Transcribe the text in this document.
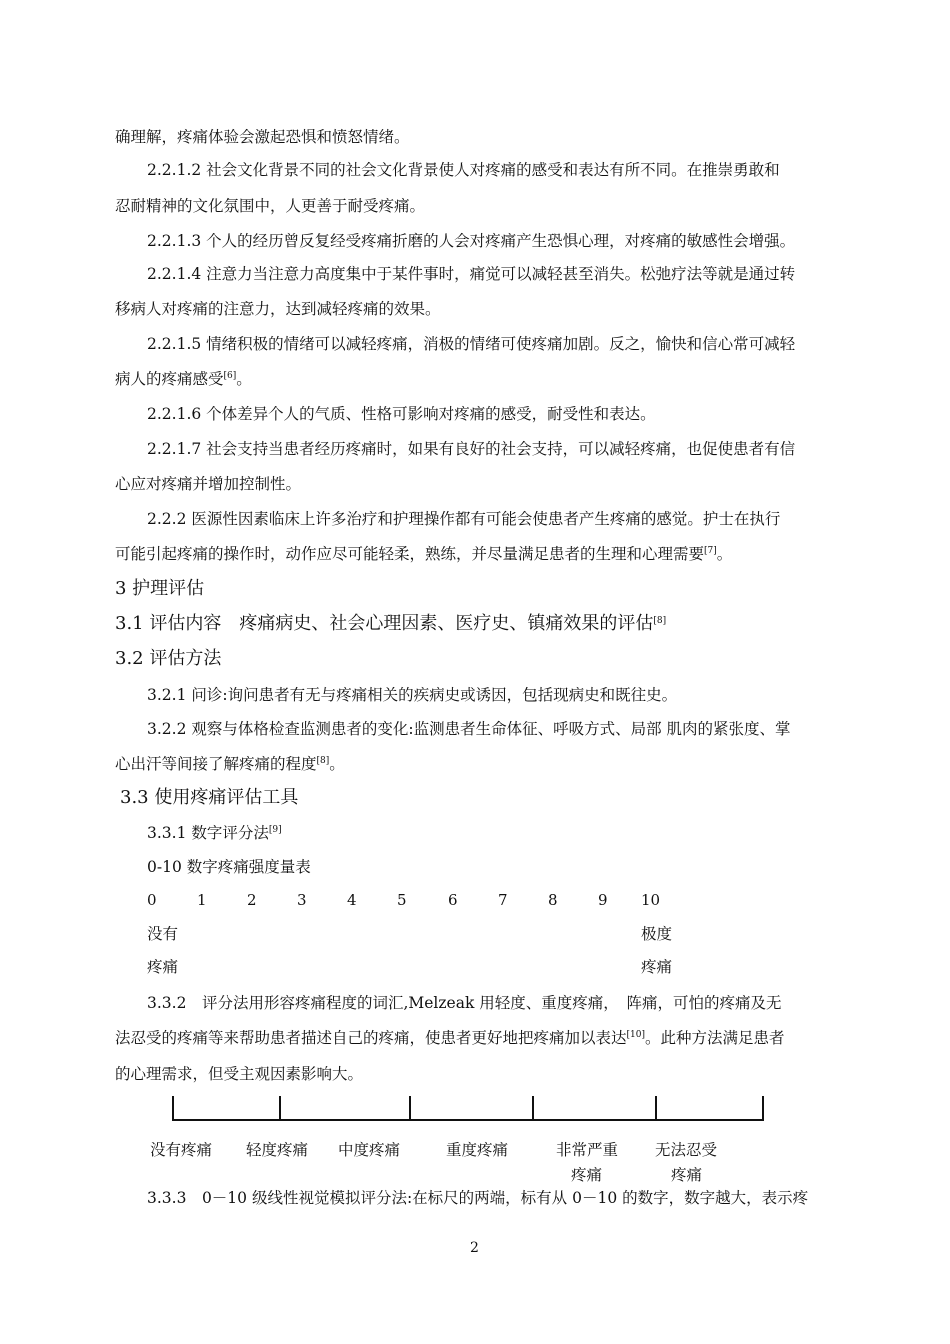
确理解，疼痛体验会激起恐惧和愤怒情绪。
2.2.1.2 社会文化背景不同的社会文化背景使人对疼痛的感受和表达有所不同。在推崇勇敢和
忍耐精神的文化氛围中，人更善于耐受疼痛。
2.2.1.3 个人的经历曾反复经受疼痛折磨的人会对疼痛产生恐惧心理，对疼痛的敏感性会增强。
2.2.1.4 注意力当注意力高度集中于某件事时，痛觉可以减轻甚至消失。松弛疗法等就是通过转
移病人对疼痛的注意力，达到减轻疼痛的效果。
2.2.1.5 情绪积极的情绪可以减轻疼痛，消极的情绪可使疼痛加剧。反之，愉快和信心常可减轻
病人的疼痛感受[6]。
2.2.1.6 个体差异个人的气质、性格可影响对疼痛的感受，耐受性和表达。
2.2.1.7 社会支持当患者经历疼痛时，如果有良好的社会支持，可以减轻疼痛，也促使患者有信
心应对疼痛并增加控制性。
2.2.2 医源性因素临床上许多治疗和护理操作都有可能会使患者产生疼痛的感觉。护士在执行
可能引起疼痛的操作时，动作应尽可能轻柔，熟练，并尽量满足患者的生理和心理需要[7]。
3 护理评估
3.1 评估内容　疼痛病史、社会心理因素、医疗史、镇痛效果的评估[8]
3.2 评估方法
3.2.1 问诊:询问患者有无与疼痛相关的疾病史或诱因，包括现病史和既往史。
3.2.2 观察与体格检查监测患者的变化:监测患者生命体征、呼吸方式、局部 肌肉的紧张度、掌
心出汗等间接了解疼痛的程度[8]。
3.3 使用疼痛评估工具
3.3.1 数字评分法[9]
0-10 数字疼痛强度量表
0	1	2	3	4	5	6	7	8	9 10
没有
疼痛
极度
疼痛
3.3.2　评分法用形容疼痛程度的词汇,Melzeak 用轻度、重度疼痛，　阵痛，可怕的疼痛及无
法忍受的疼痛等来帮助患者描述自己的疼痛，使患者更好地把疼痛加以表达[10]。此种方法满足患者
的心理需求，但受主观因素影响大。
没有疼痛 轻度疼痛 中度疼痛	重度疼痛	非常严重
疼痛
无法忍受
疼痛
3.3.3　0－10 级线性视觉模拟评分法:在标尺的两端，标有从 0－10 的数字，数字越大，表示疼
2
